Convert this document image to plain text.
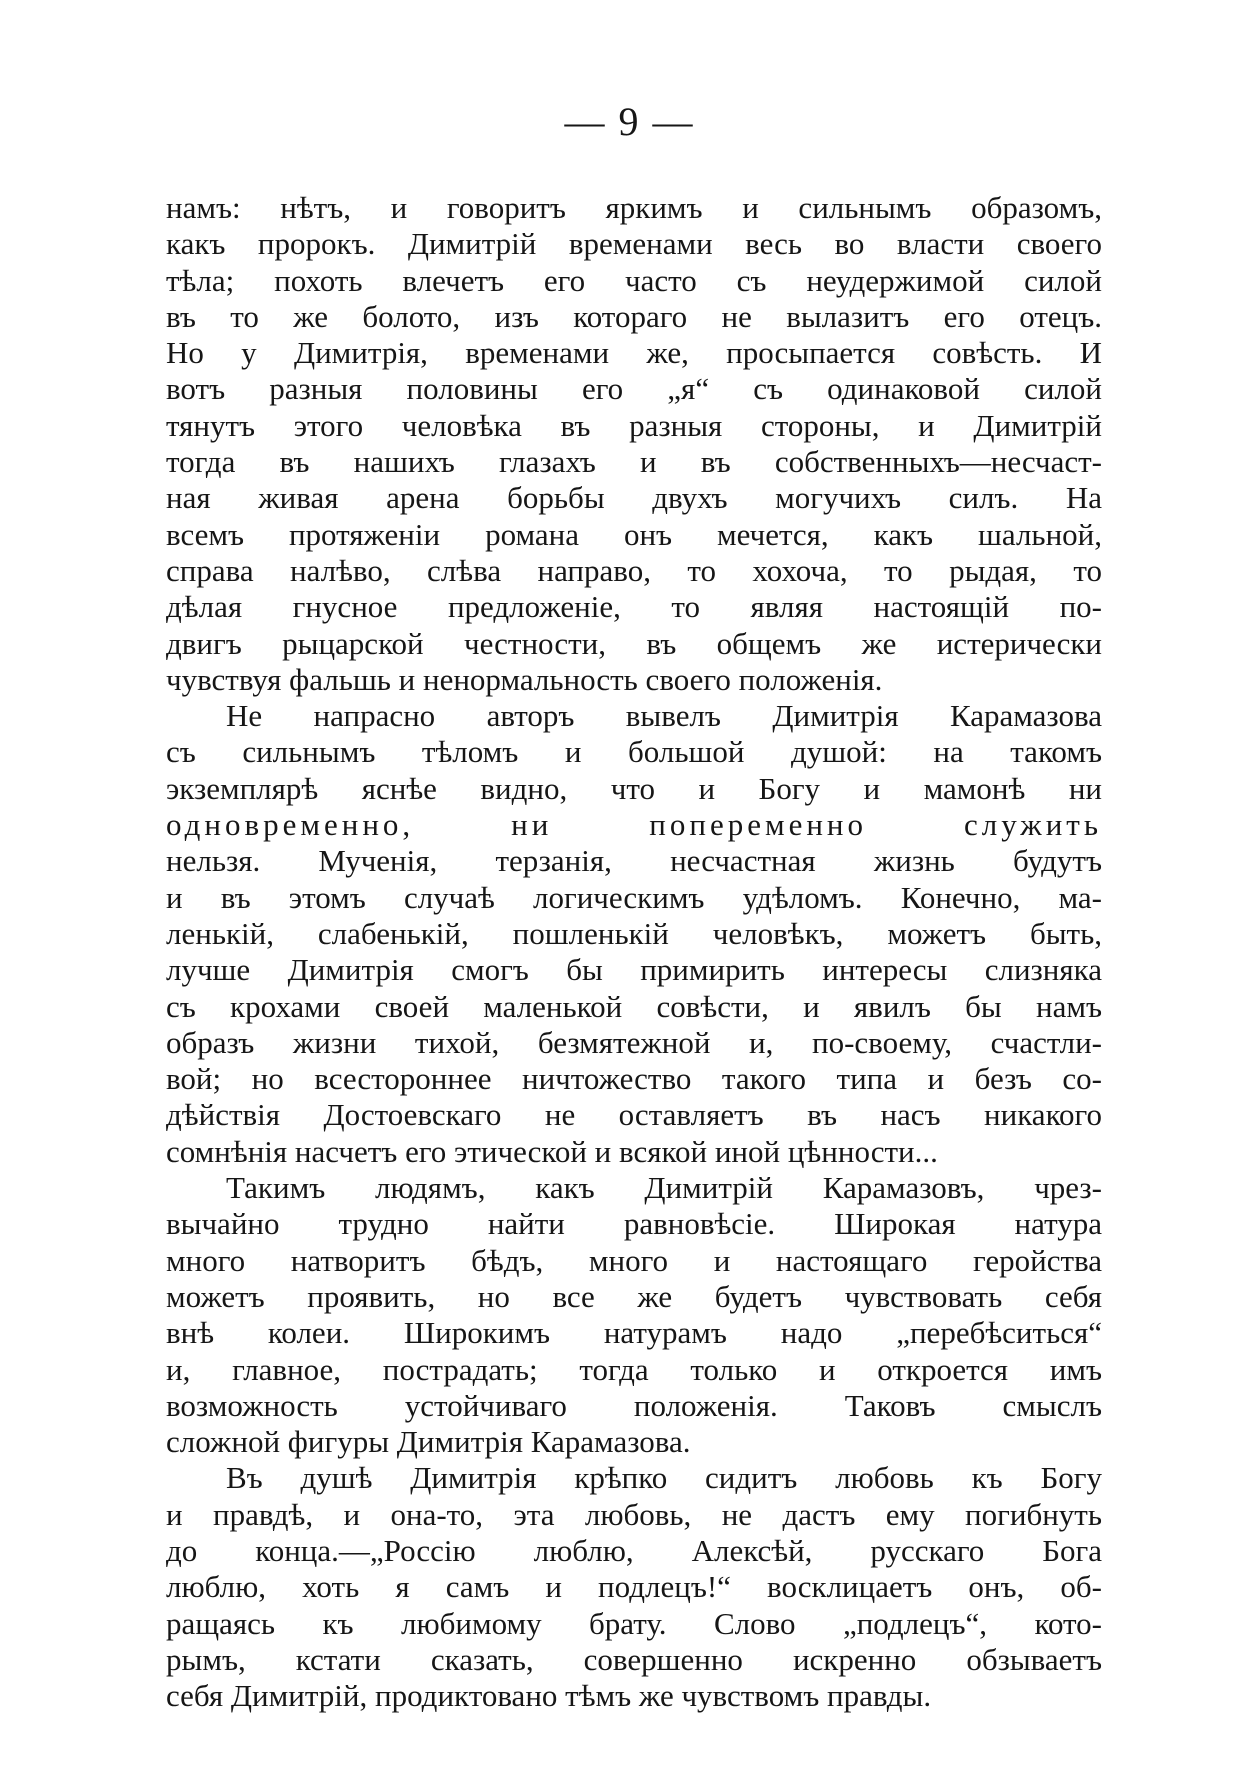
— 9 —
намъ: нѣтъ, и говоритъ яркимъ и сильнымъ образомъ,
какъ пророкъ. Димитрій временами весь во власти своего
тѣла; похоть влечетъ его часто съ неудержимой силой
въ то же болото, изъ котораго не вылазитъ его отецъ.
Но у Димитрія, временами же, просыпается совѣсть. И
вотъ разныя половины его „я“ съ одинаковой силой
тянутъ этого человѣка въ разныя стороны, и Димитрій
тогда въ нашихъ глазахъ и въ собственныхъ—несчаст-
ная живая арена борьбы двухъ могучихъ силъ. На
всемъ протяженіи романа онъ мечется, какъ шальной,
справа налѣво, слѣва направо, то хохоча, то рыдая, то
дѣлая гнусное предложеніе, то являя настоящій по-
двигъ рыцарской честности, въ общемъ же истерически
чувствуя фальшь и ненормальность своего положенія.
Не напрасно авторъ вывелъ Димитрія Карамазова
съ сильнымъ тѣломъ и большой душой: на такомъ
экземплярѣ яснѣе видно, что и Богу и мамонѣ ни
одновременно, ни попеременно служить
нельзя. Мученія, терзанія, несчастная жизнь будутъ
и въ этомъ случаѣ логическимъ удѣломъ. Конечно, ма-
ленькій, слабенькій, пошленькій человѣкъ, можетъ быть,
лучше Димитрія смогъ бы примирить интересы слизняка
съ крохами своей маленькой совѣсти, и явилъ бы намъ
образъ жизни тихой, безмятежной и, по-своему, счастли-
вой; но всестороннее ничтожество такого типа и безъ со-
дѣйствія Достоевскаго не оставляетъ въ насъ никакого
сомнѣнія насчетъ его этической и всякой иной цѣнности...
Такимъ людямъ, какъ Димитрій Карамазовъ, чрез-
вычайно трудно найти равновѣсіе. Широкая натура
много натворитъ бѣдъ, много и настоящаго геройства
можетъ проявить, но все же будетъ чувствовать себя
внѣ колеи. Широкимъ натурамъ надо „перебѣситься“
и, главное, пострадать; тогда только и откроется имъ
возможность устойчиваго положенія. Таковъ смыслъ
сложной фигуры Димитрія Карамазова.
Въ душѣ Димитрія крѣпко сидитъ любовь къ Богу
и правдѣ, и она-то, эта любовь, не дастъ ему погибнуть
до конца.—„Россію люблю, Алексѣй, русскаго Бога
люблю, хоть я самъ и подлецъ!“ восклицаетъ онъ, об-
ращаясь къ любимому брату. Слово „подлецъ“, кото-
рымъ, кстати сказать, совершенно искренно обзываетъ
себя Димитрій, продиктовано тѣмъ же чувствомъ правды.
